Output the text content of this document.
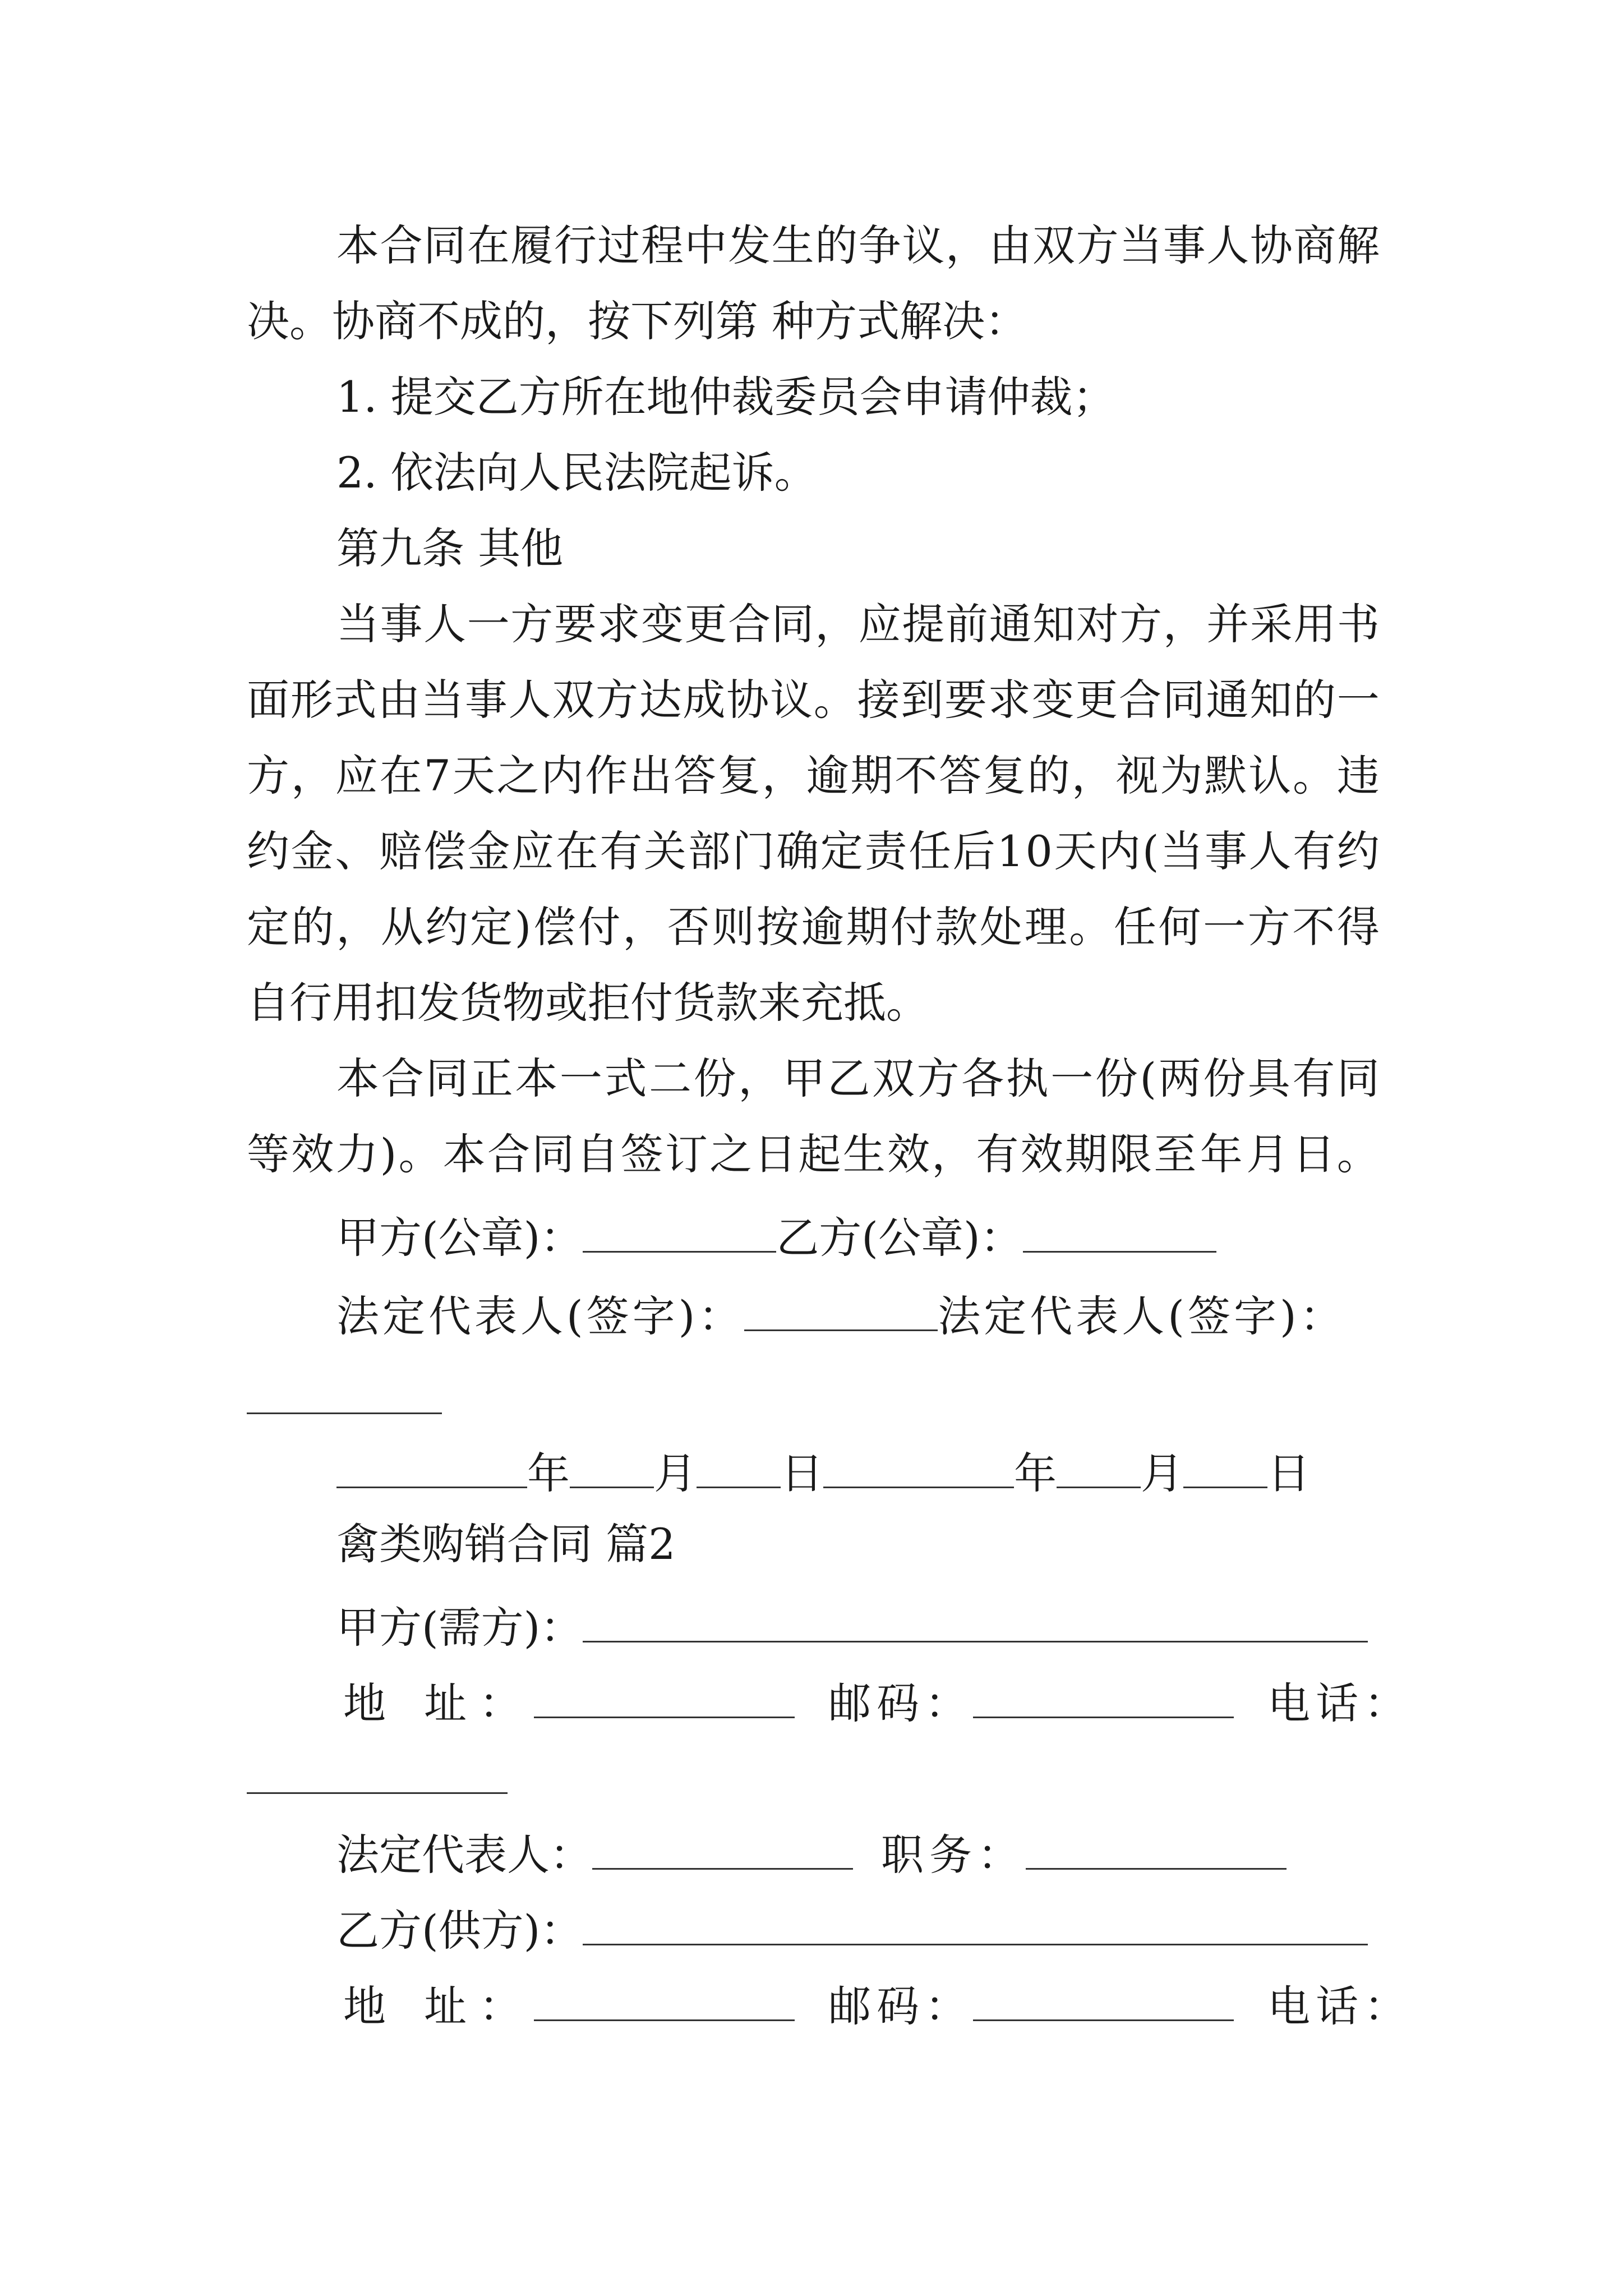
本 合 同 在 履 行 过 程 中 发 生 的 争 议 ， 由 双 方 当 事 人 协 商 解
决。协商不成的，按下列第 种方式解决：
1. 提交乙方所在地仲裁委员会申请仲裁；
2. 依法向人民法院起诉。
第九条 其他
当 事 人 一 方 要 求 变 更 合 同 ， 应 提 前 通 知 对 方 ， 并 采 用 书
面 形 式 由 当 事 人 双 方 达 成 协 议 。 接 到 要 求 变 更 合 同 通 知 的 一
方 ， 应 在 7 天 之 内 作 出 答 复 ， 逾 期 不 答 复 的 ， 视 为 默 认 。 违
约 金 、 赔 偿 金 应 在 有 关 部 门 确 定 责 任 后 1 0 天 内 ( 当 事 人 有 约
定 的 ， 从 约 定 ) 偿 付 ， 否 则 按 逾 期 付 款 处 理 。 任 何 一 方 不 得
自行用扣发货物或拒付货款来充抵。
本 合 同 正 本 一 式 二 份 ， 甲 乙 双 方 各 执 一 份 ( 两 份 具 有 同
等 效 力 ) 。 本 合 同 自 签 订 之 日 起 生 效 ， 有 效 期 限 至 年 月 日 。
甲方(公章)：	乙方(公章)：
法定代表人(签字)：	法定代表人(签字)：
年 月 日	年 月 日
禽类购销合同 篇2
甲方(需方)：
地 址：	邮码：	电话：
法定代表人：	职务：
乙方(供方)：
地 址：	邮码：	电话：
